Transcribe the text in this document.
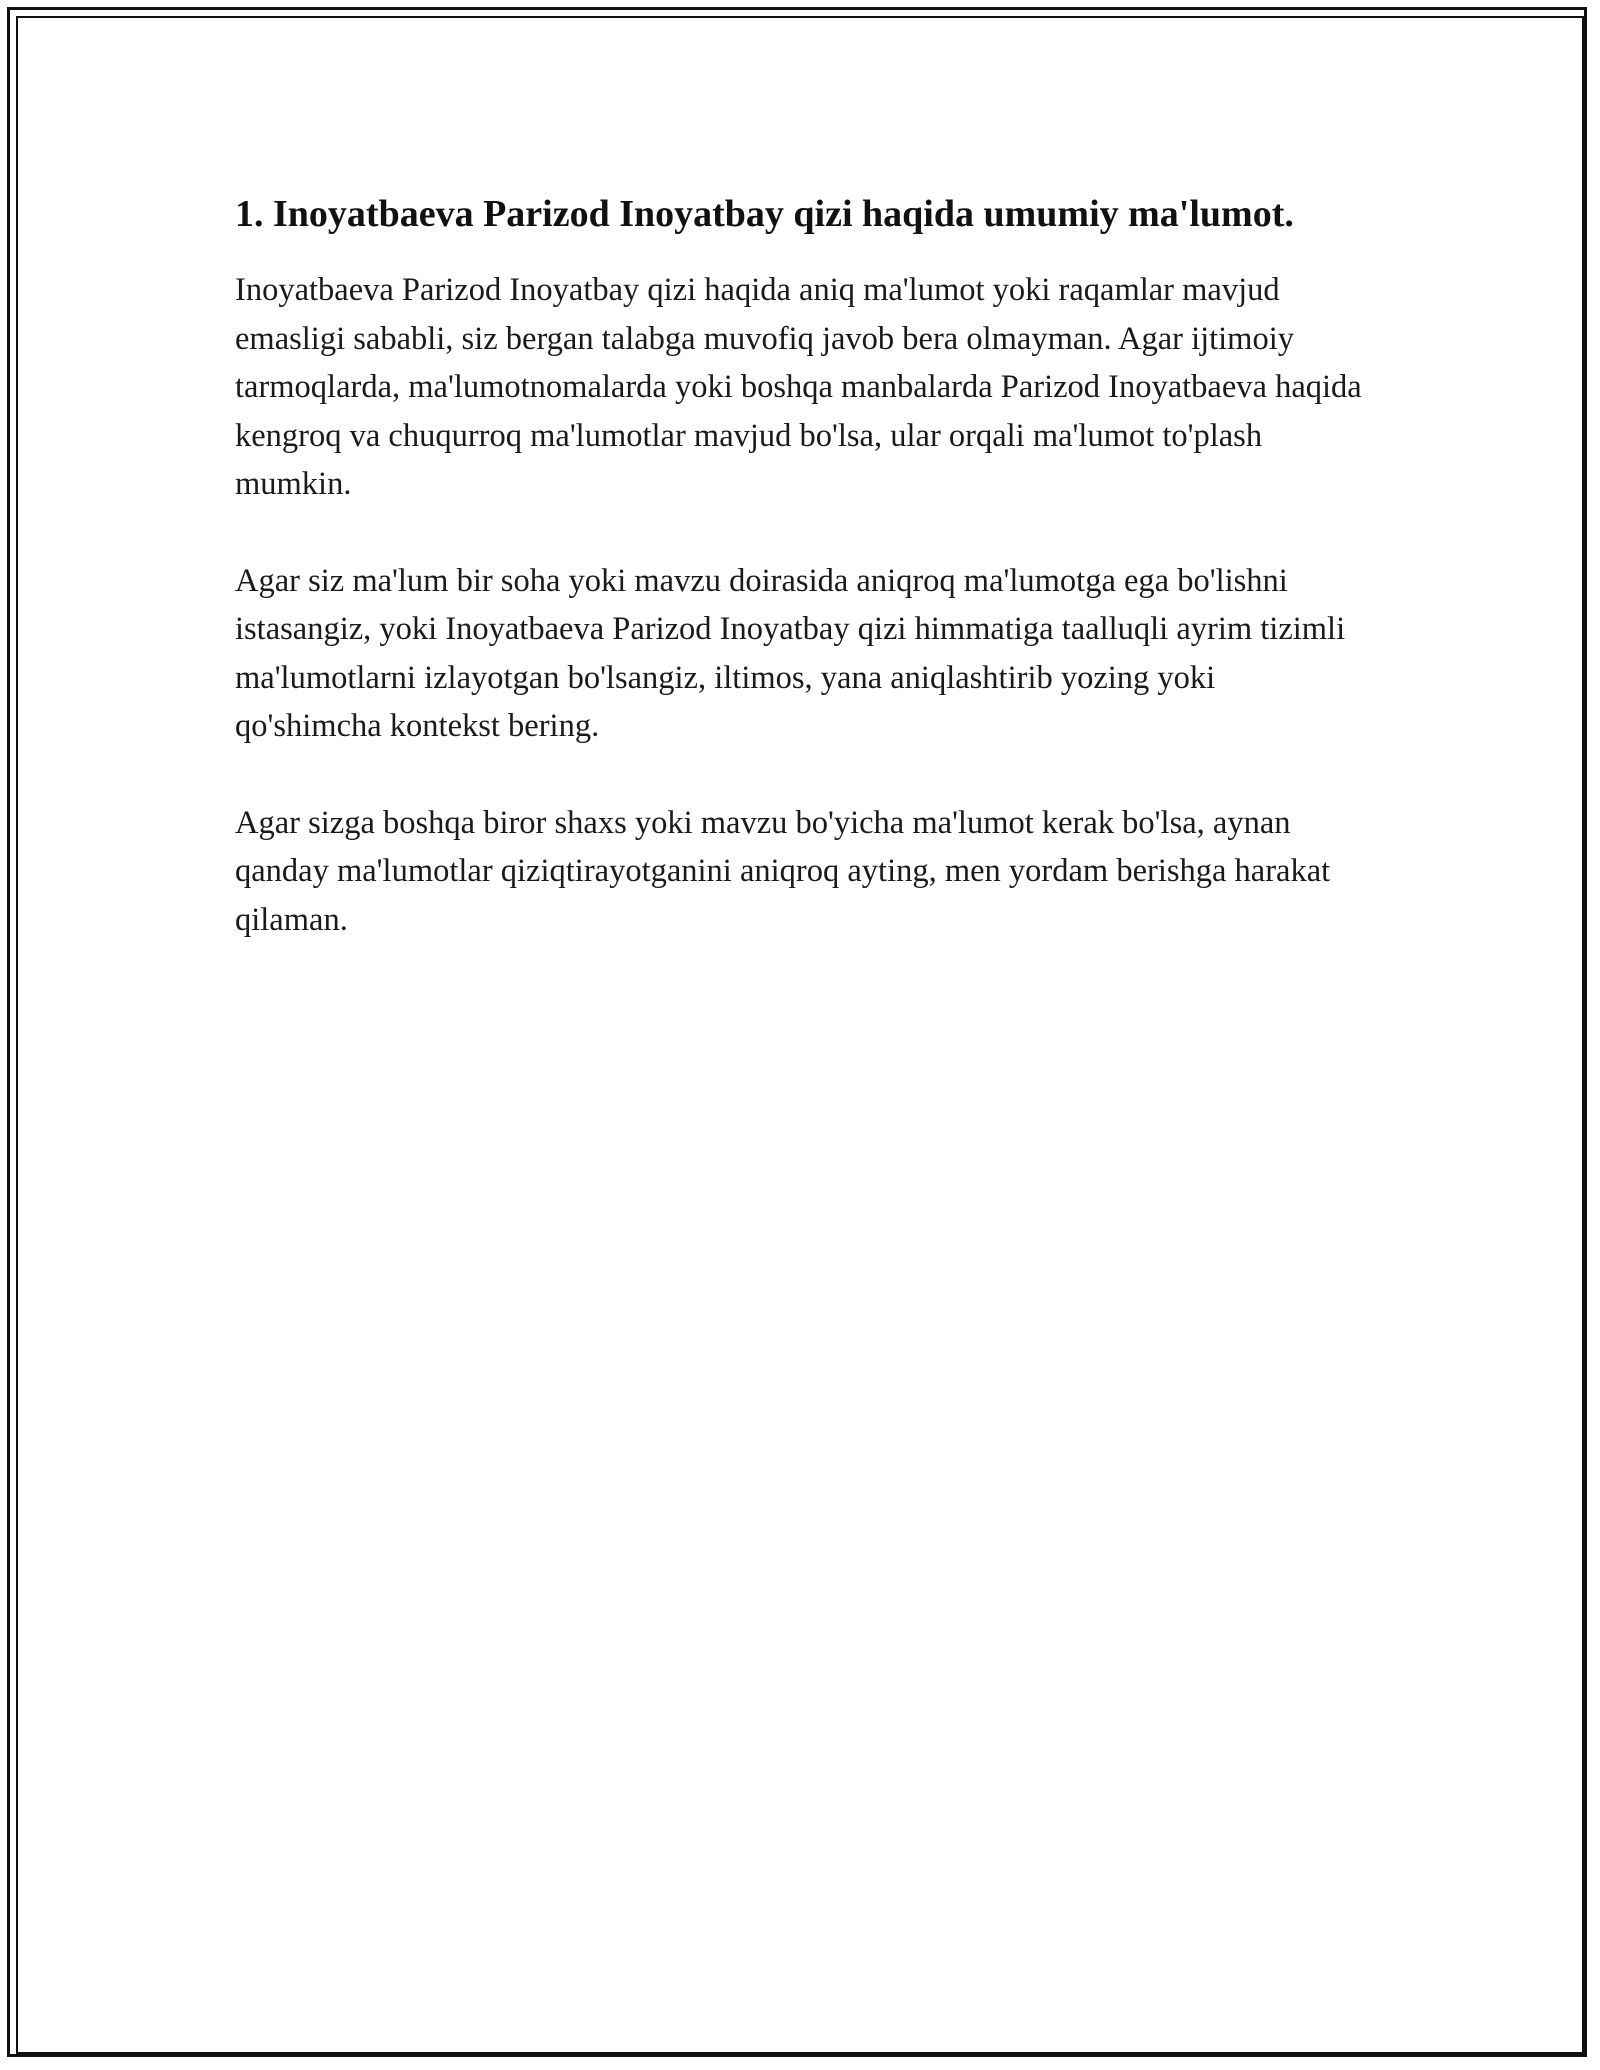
1. Inoyatbaeva Parizod Inoyatbay qizi haqida umumiy ma'lumot.

Inoyatbaeva Parizod Inoyatbay qizi haqida aniq ma'lumot yoki raqamlar mavjud emasligi sababli, siz bergan talabga muvofiq javob bera olmayman. Agar ijtimoiy tarmoqlarda, ma'lumotnomalarda yoki boshqa manbalarda Parizod Inoyatbaeva haqida kengroq va chuqurroq ma'lumotlar mavjud bo'lsa, ular orqali ma'lumot to'plash mumkin.

Agar siz ma'lum bir soha yoki mavzu doirasida aniqroq ma'lumotga ega bo'lishni istasangiz, yoki Inoyatbaeva Parizod Inoyatbay qizi himmatiga taalluqli ayrim tizimli ma'lumotlarni izlayotgan bo'lsangiz, iltimos, yana aniqlashtirib yozing yoki qo'shimcha kontekst bering.

Agar sizga boshqa biror shaxs yoki mavzu bo'yicha ma'lumot kerak bo'lsa, aynan qanday ma'lumotlar qiziqtirayotganini aniqroq ayting, men yordam berishga harakat qilaman.
